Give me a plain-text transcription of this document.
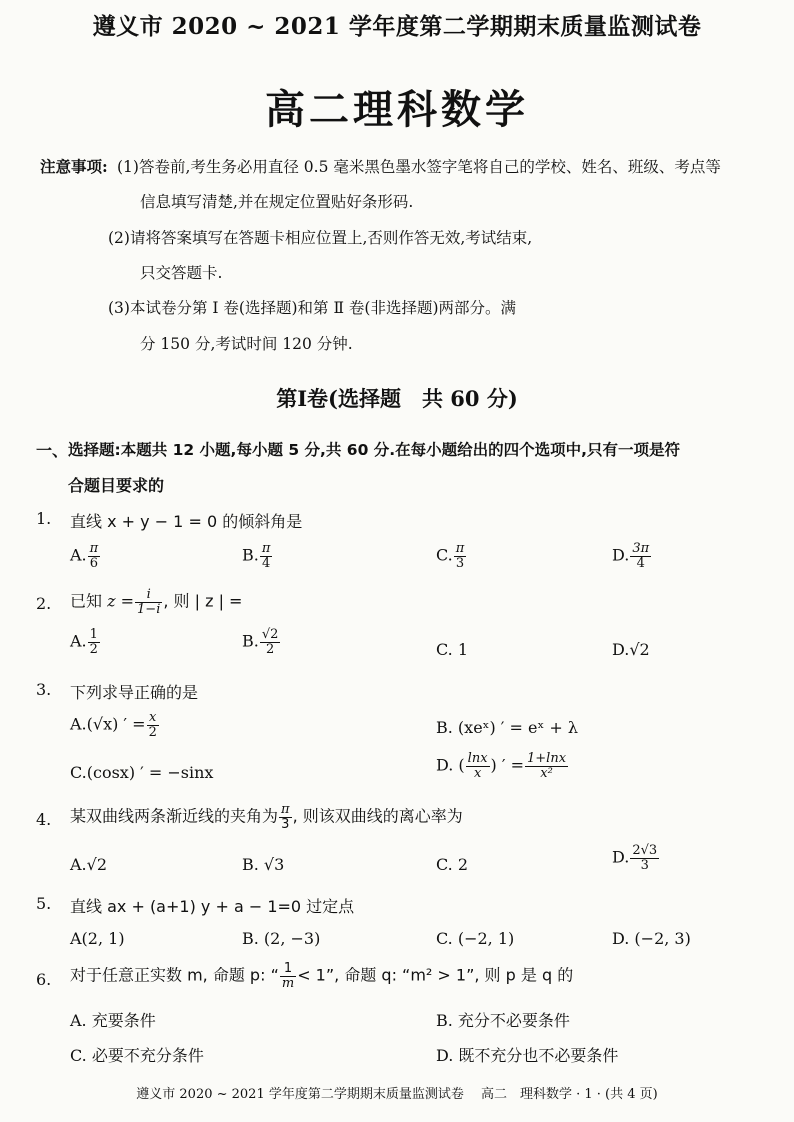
遵义市 2020 ~ 2021 学年度第二学期期末质量监测试卷
高二理科数学
注意事项: (1)答卷前,考生务必用直径 0.5 毫米黑色墨水签字笔将自己的学校、姓名、班级、考点等
信息填写清楚,并在规定位置贴好条形码.
(2)请将答案填写在答题卡相应位置上,否则作答无效,考试结束,
只交答题卡.
(3)本试卷分第 Ⅰ 卷(选择题)和第 Ⅱ 卷(非选择题)两部分。满
分 150 分,考试时间 120 分钟.
第Ⅰ卷(选择题　共 60 分)
一、 选择题:本题共 12 小题,每小题 5 分,共 60 分.在每小题给出的四个选项中,只有一项是符
合题目要求的
1. 直线 x + y − 1 = 0 的倾斜角是
A. $\frac{\pi}{6}$	B. $\frac{\pi}{4}$	C. $\frac{\pi}{3}$	D. $\frac{3\pi}{4}$
2. 已知 $z = \frac{i}{1-i}$ , 则 | z | =
A. $\frac{1}{2}$	B. $\frac{√2}{2}$	C. 1	D.√2
3. 下列求导正确的是
A.(√x) ′ = $\frac{x}{2}$	B. (xeˣ) ′ = eˣ + λ
C.(cosx) ′ = −sinx	D. ( $\frac{\ln x}{x}$ ) ′ = $\frac{1+\ln x}{\text{x²}}$
4. 某双曲线两条渐近线的夹角为 $\frac{\pi}{3}$ , 则该双曲线的离心率为
A.√2	B. √3	C. 2	D. $\frac{2√3}{3}$
5. 直线 ax + (a+1) y + a − 1=0 过定点
A(2, 1)	B. (2, −3)	C. (−2, 1)	D. (−2, 3)
6. 对于任意正实数 m, 命题 p: “ $\frac{1}{m} < 1$”, 命题 q: “m² > 1”, 则 p 是 q 的
A. 充要条件	B. 充分不必要条件
C. 必要不充分条件	D. 既不充分也不必要条件
遵义市 2020 ~ 2021 学年度第二学期期末质量监测试卷　 高二　理科数学 · 1 · (共 4 页)
